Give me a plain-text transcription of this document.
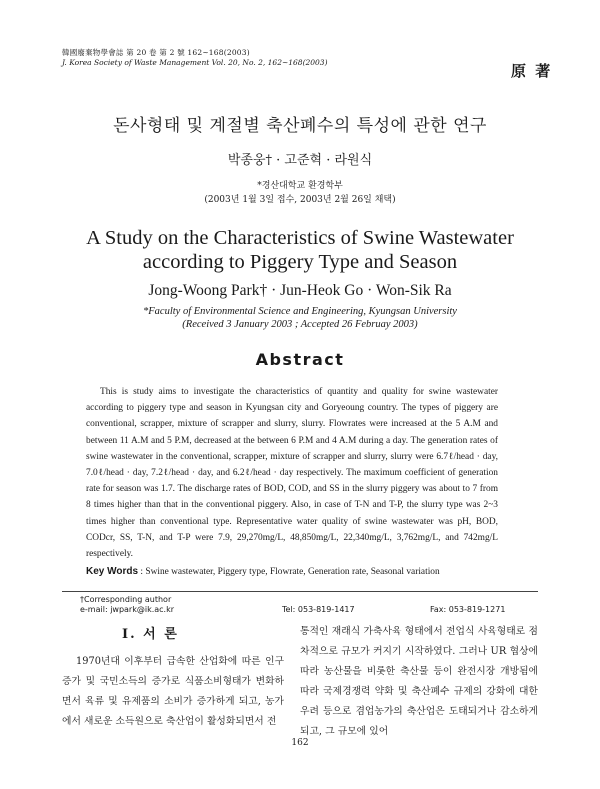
韓國廢棄物學會誌 第 20 卷 第 2 號 162~168(2003)
J. Korea Society of Waste Management Vol. 20, No. 2, 162~168(2003)	原 著
돈사형태 및 계절별 축산폐수의 특성에 관한 연구
박종웅† · 고준혁 · 라원식
*경산대학교 환경학부
(2003년 1월 3일 접수, 2003년 2월 26일 채택)
A Study on the Characteristics of Swine Wastewater
according to Piggery Type and Season
Jong-Woong Park† · Jun-Heok Go · Won-Sik Ra
*Faculty of Environmental Science and Engineering, Kyungsan University
(Received 3 January 2003 ; Accepted 26 Februay 2003)
Abstract
This is study aims to investigate the characteristics of quantity and quality for swine wastewater according to piggery type and season in Kyungsan city and Goryeoung country. The types of piggery are conventional, scrapper, mixture of scrapper and slurry, slurry. Flowrates were increased at the 5 A.M and between 11 A.M and 5 P.M, decreased at the between 6 P.M and 4 A.M during a day. The generation rates of swine wastewater in the conventional, scrapper, mixture of scrapper and slurry, slurry were 6.7ℓ/head · day, 7.0ℓ/head · day, 7.2ℓ/head · day, and 6.2ℓ/head · day respectively. The maximum coefficient of generation rate for season was 1.7. The discharge rates of BOD, COD, and SS in the slurry piggery was about to 7 from 8 times higher than that in the conventional piggery. Also, in case of T-N and T-P, the slurry type was 2~3 times higher than conventional type. Representative water quality of swine wastewater was pH, BOD, CODcr, SS, T-N, and T-P were 7.9, 29,270mg/L, 48,850mg/L, 22,340mg/L, 3,762mg/L, and 742mg/L respectively.
Key Words : Swine wastewater, Piggery type, Flowrate, Generation rate, Seasonal variation
†Corresponding author
e-mail: jwpark@ik.ac.kr	Tel: 053-819-1417	Fax: 053-819-1271
Ⅰ. 서 론
1970년대 이후부터 급속한 산업화에 따른 인구증가 및 국민소득의 증가로 식품소비형태가 변화하면서 육류 및 유제품의 소비가 증가하게 되고, 농가에서 새로운 소득원으로 축산업이 활성화되면서 전
통적인 재래식 가축사육 형태에서 전업식 사육형태로 점차적으로 규모가 커지기 시작하였다. 그러나 UR 협상에 따라 농산물을 비롯한 축산물 등이 완전시장 개방됨에 따라 국제경쟁력 약화 및 축산폐수 규제의 강화에 대한 우려 등으로 겸업농가의 축산업은 도태되거나 감소하게 되고, 그 규모에 있어
162
